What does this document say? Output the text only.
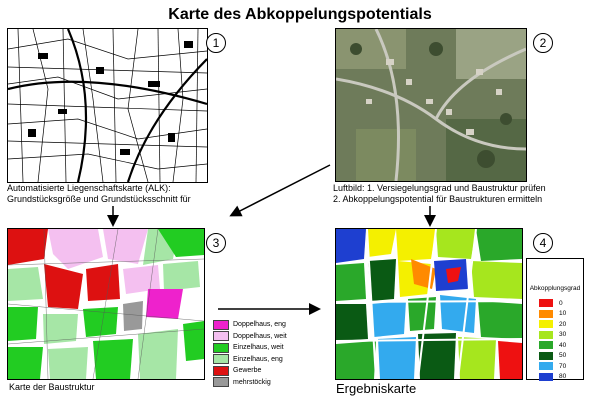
Karte des Abkoppelungspotentials
1	2
Automatisierte Liegenschaftskarte (ALK):
Grundstücksgröße und Grundstücksschnitt für
Luftbild: 1. Versiegelungsgrad und Baustruktur prüfen
2. Abkoppelungspotential für Baustrukturen ermitteln
3
Doppelhaus, eng
Doppelhaus, weit
Einzelhaus, weit
Einzelhaus, eng
Gewerbe
mehrstöckig
Karte der Baustruktur
4
Abkopplungsgrad
0
10
20
30
40
50
70
80
Ergebniskarte
